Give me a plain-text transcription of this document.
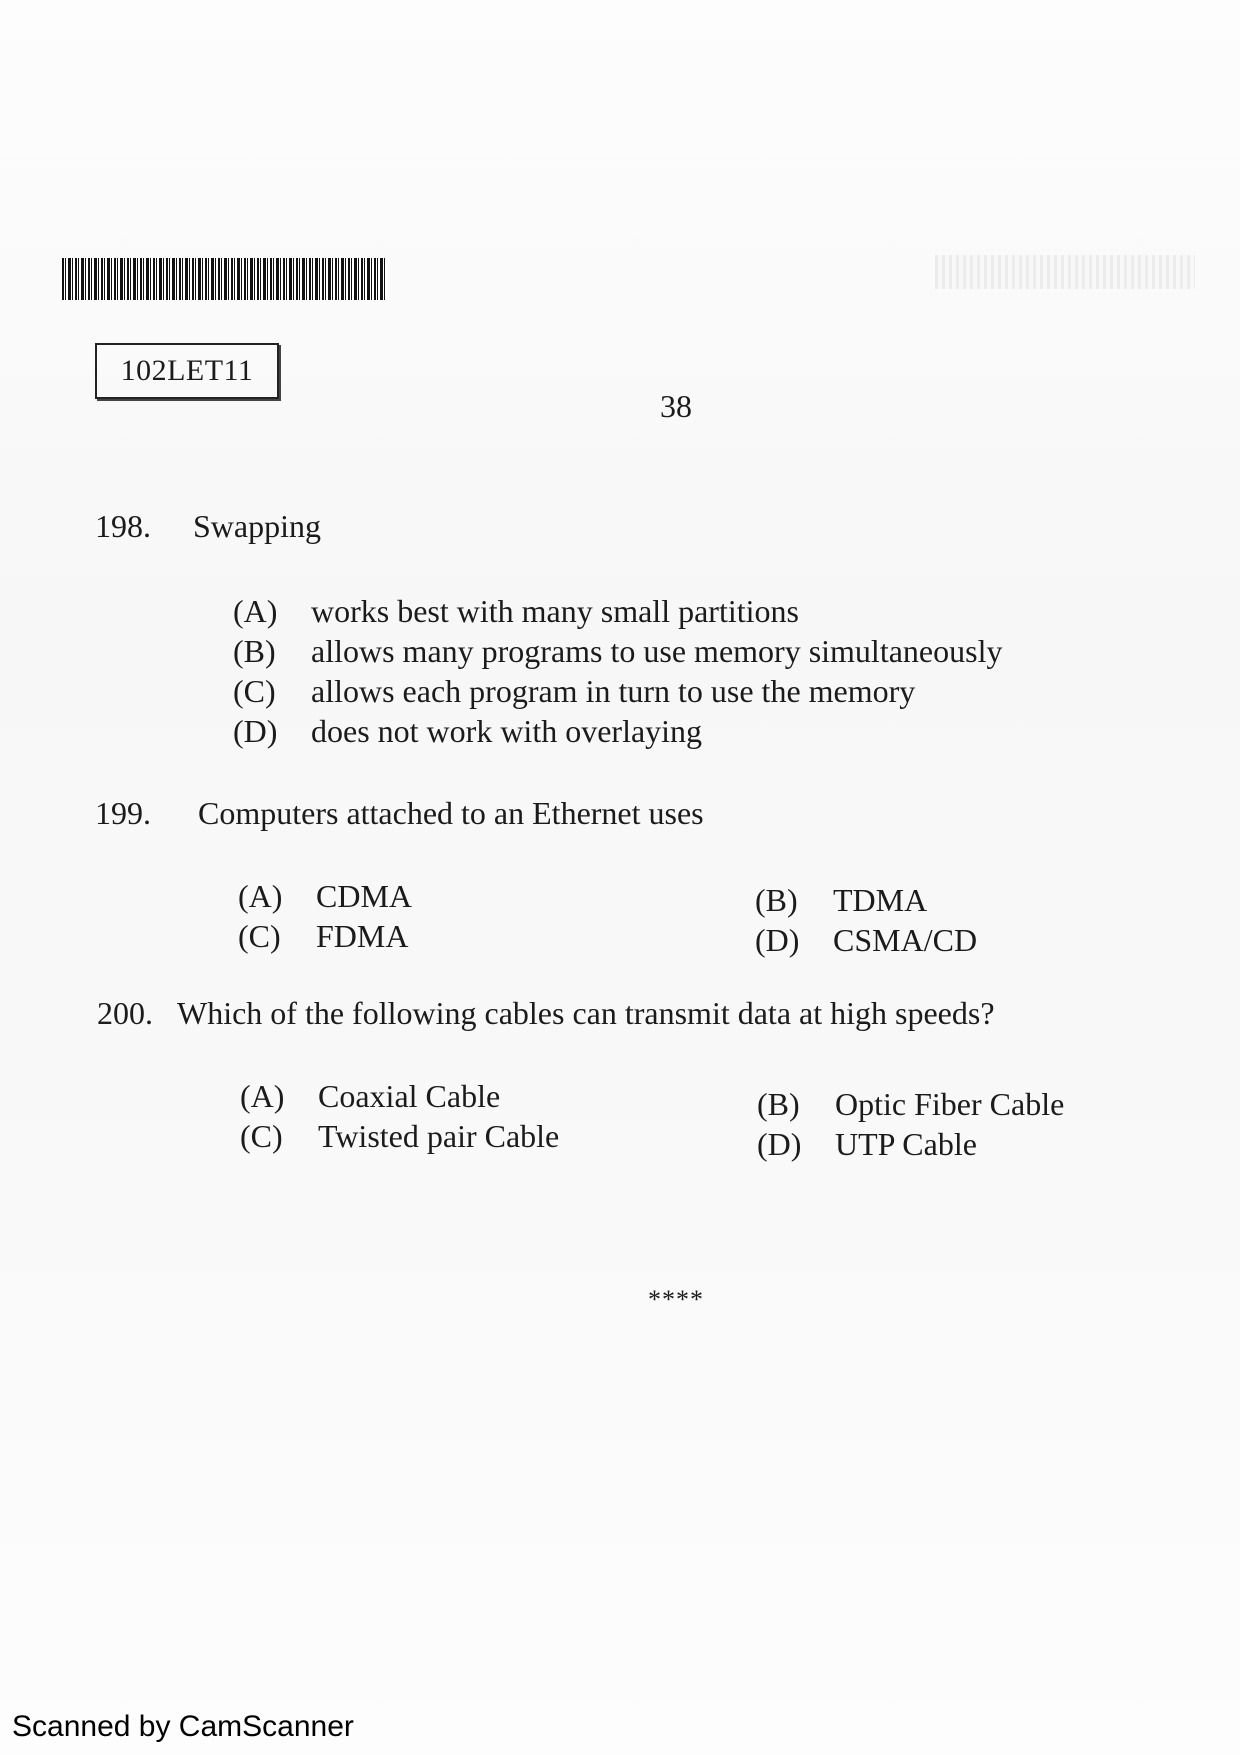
102LET11
38
198. Swapping
(A) works best with many small partitions
(B) allows many programs to use memory simultaneously
(C) allows each program in turn to use the memory
(D) does not work with overlaying
199. Computers attached to an Ethernet uses
(A) CDMA	(B) TDMA
(C) FDMA	(D) CSMA/CD
200. Which of the following cables can transmit data at high speeds?
(A) Coaxial Cable	(B) Optic Fiber Cable
(C) Twisted pair Cable	(D) UTP Cable
****
Scanned by CamScanner
